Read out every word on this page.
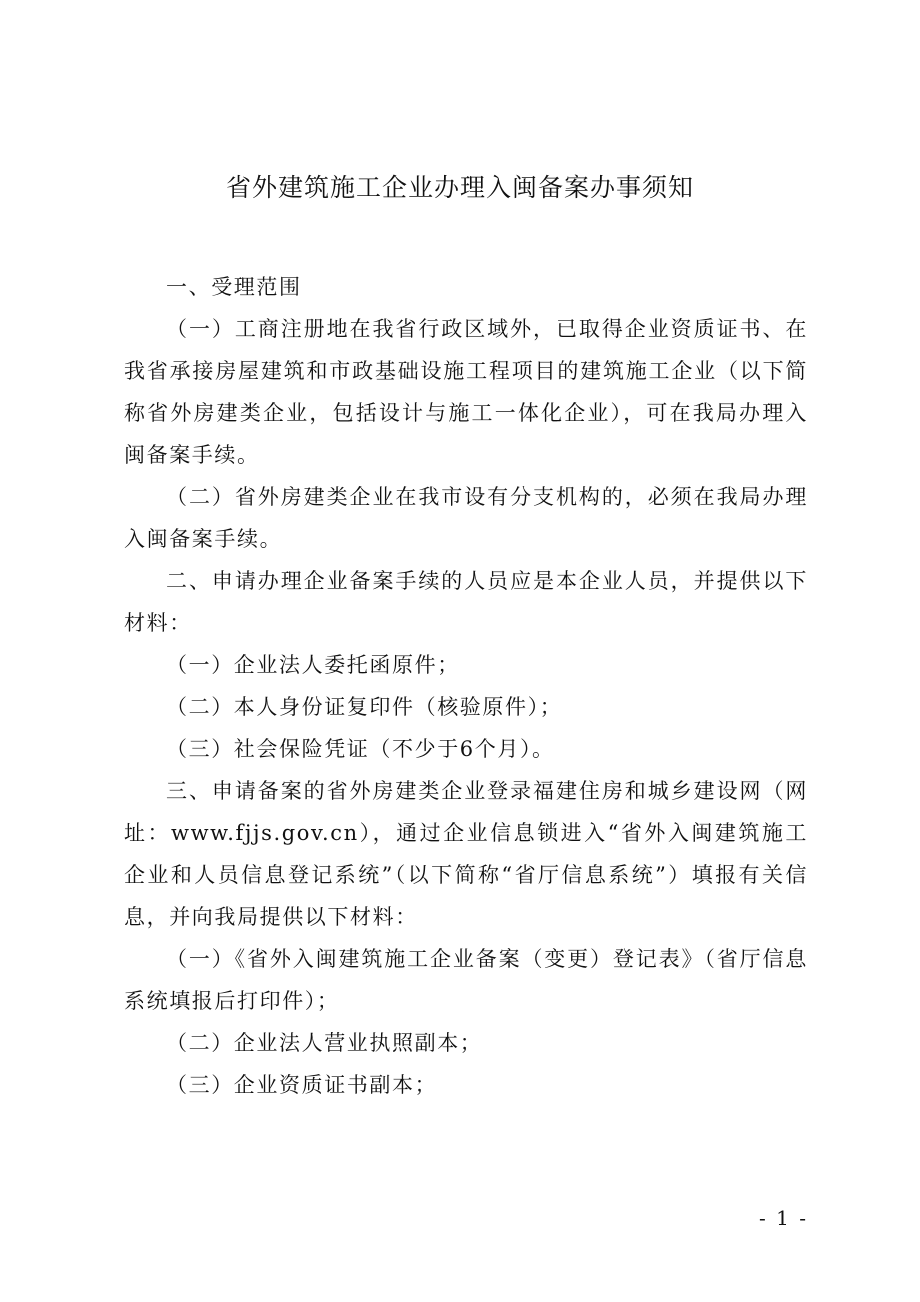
省外建筑施工企业办理入闽备案办事须知

一、受理范围

（一）工商注册地在我省行政区域外，已取得企业资质证书、在我省承接房屋建筑和市政基础设施工程项目的建筑施工企业（以下简称省外房建类企业，包括设计与施工一体化企业），可在我局办理入闽备案手续。

（二）省外房建类企业在我市设有分支机构的，必须在我局办理入闽备案手续。

二、申请办理企业备案手续的人员应是本企业人员，并提供以下材料：

（一）企业法人委托函原件；

（二）本人身份证复印件（核验原件）；

（三）社会保险凭证（不少于6个月）。

三、申请备案的省外房建类企业登录福建住房和城乡建设网（网址：www.fjjs.gov.cn），通过企业信息锁进入“省外入闽建筑施工企业和人员信息登记系统”（以下简称“省厅信息系统”）填报有关信息，并向我局提供以下材料：

（一）《省外入闽建筑施工企业备案（变更）登记表》（省厅信息系统填报后打印件）；

（二）企业法人营业执照副本；

（三）企业资质证书副本；

- 1 -
